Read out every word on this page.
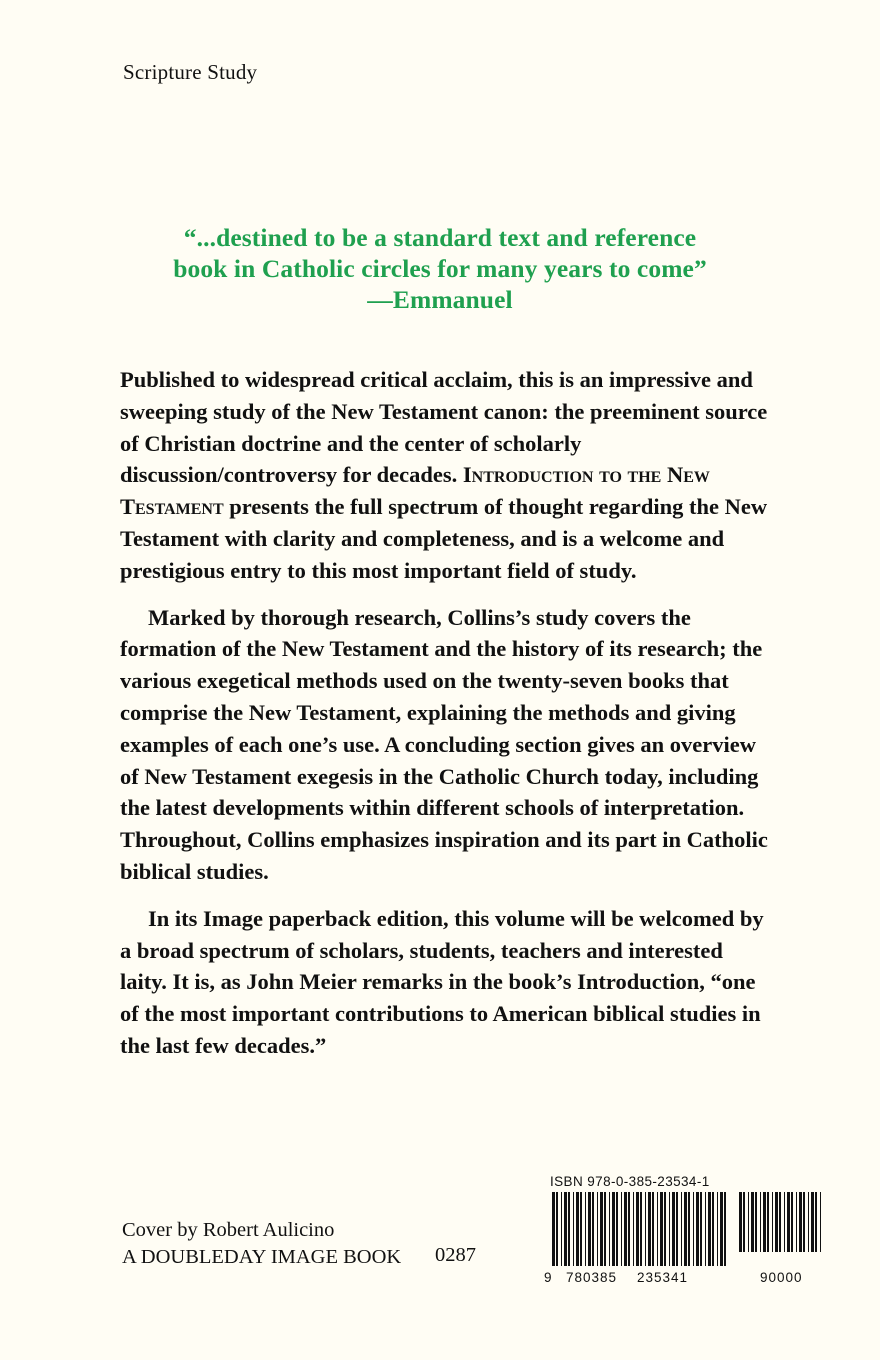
Scripture Study
“...destined to be a standard text and reference
book in Catholic circles for many years to come”
—Emmanuel

Published to widespread critical acclaim, this is an impressive and sweeping study of the New Testament canon: the preeminent source of Christian doctrine and the center of scholarly discussion/controversy for decades. Introduction to the New Testament presents the full spectrum of thought regarding the New Testament with clarity and completeness, and is a welcome and prestigious entry to this most important field of study.

Marked by thorough research, Collins’s study covers the formation of the New Testament and the history of its research; the various exegetical methods used on the twenty-seven books that comprise the New Testament, explaining the methods and giving examples of each one’s use. A concluding section gives an overview of New Testament exegesis in the Catholic Church today, including the latest developments within different schools of interpretation. Throughout, Collins emphasizes inspiration and its part in Catholic biblical studies.

In its Image paperback edition, this volume will be welcomed by a broad spectrum of scholars, students, teachers and interested laity. It is, as John Meier remarks in the book’s Introduction, “one of the most important contributions to American biblical studies in the last few decades.”

Cover by Robert Aulicino
A DOUBLEDAY IMAGE BOOK 0287
ISBN 978-0-385-23534-1
9 780385 235341	90000
